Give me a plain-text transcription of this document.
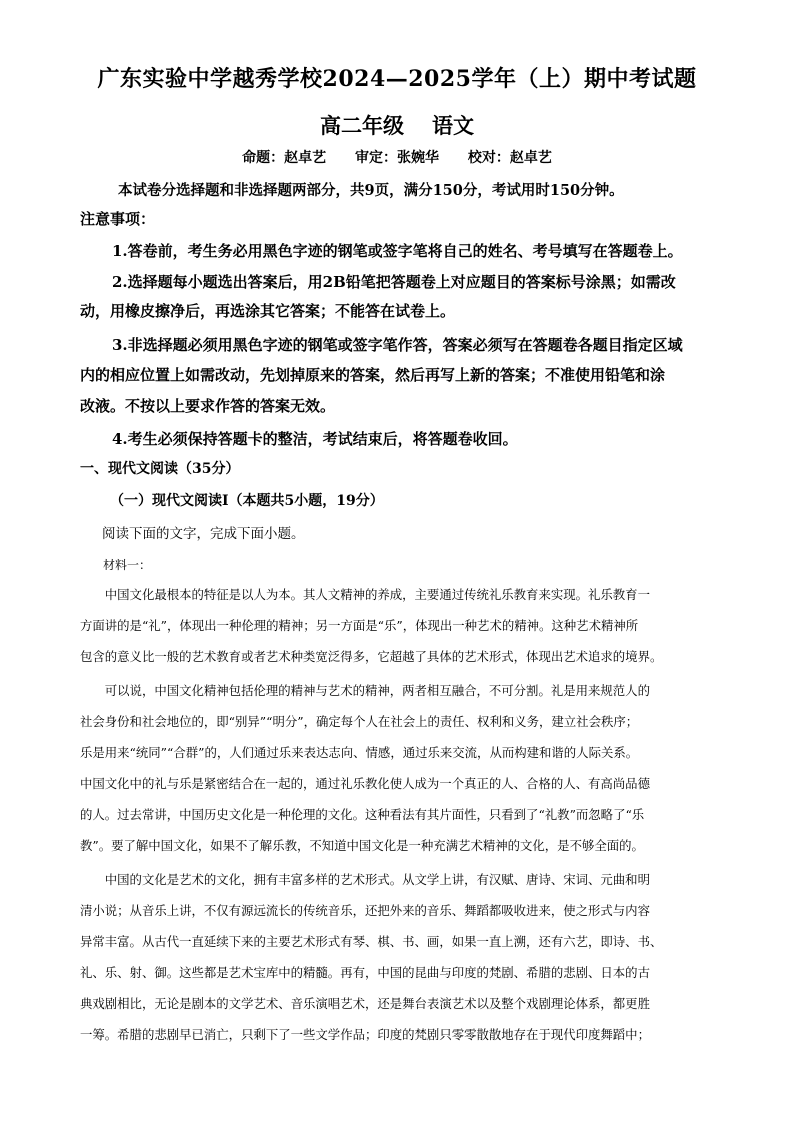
广东实验中学越秀学校2024—2025学年（上）期中考试题
高二年级 语文
命题：赵卓艺 审定：张婉华 校对：赵卓艺
本试卷分选择题和非选择题两部分，共9页，满分150分，考试用时150分钟。
注意事项：
1.答卷前，考生务必用黑色字迹的钢笔或签字笔将自己的姓名、考号填写在答题卷上。
2.选择题每小题选出答案后，用2B铅笔把答题卷上对应题目的答案标号涂黑；如需改
动，用橡皮擦净后，再选涂其它答案；不能答在试卷上。
3.非选择题必须用黑色字迹的钢笔或签字笔作答，答案必须写在答题卷各题目指定区域
内的相应位置上如需改动，先划掉原来的答案，然后再写上新的答案；不准使用铅笔和涂
改液。不按以上要求作答的答案无效。
4.考生必须保持答题卡的整洁，考试结束后，将答题卷收回。
一、现代文阅读（35分）
（一）现代文阅读Ⅰ（本题共5小题，19分）
阅读下面的文字，完成下面小题。
材料一：
　　中国文化最根本的特征是以人为本。其人文精神的养成，主要通过传统礼乐教育来实现。礼乐教育一
方面讲的是“礼”，体现出一种伦理的精神；另一方面是“乐”，体现出一种艺术的精神。这种艺术精神所
包含的意义比一般的艺术教育或者艺术种类宽泛得多，它超越了具体的艺术形式，体现出艺术追求的境界。
　　可以说，中国文化精神包括伦理的精神与艺术的精神，两者相互融合，不可分割。礼是用来规范人的
社会身份和社会地位的，即“别异”“明分”，确定每个人在社会上的责任、权利和义务，建立社会秩序；
乐是用来“统同”“合群”的，人们通过乐来表达志向、情感，通过乐来交流，从而构建和谐的人际关系。
中国文化中的礼与乐是紧密结合在一起的，通过礼乐教化使人成为一个真正的人、合格的人、有高尚品德
的人。过去常讲，中国历史文化是一种伦理的文化。这种看法有其片面性，只看到了“礼教”而忽略了“乐
教”。要了解中国文化，如果不了解乐教，不知道中国文化是一种充满艺术精神的文化，是不够全面的。
　　中国的文化是艺术的文化，拥有丰富多样的艺术形式。从文学上讲，有汉赋、唐诗、宋词、元曲和明
清小说；从音乐上讲，不仅有源远流长的传统音乐，还把外来的音乐、舞蹈都吸收进来，使之形式与内容
异常丰富。从古代一直延续下来的主要艺术形式有琴、棋、书、画，如果一直上溯，还有六艺，即诗、书、
礼、乐、射、御。这些都是艺术宝库中的精髓。再有，中国的昆曲与印度的梵剧、希腊的悲剧、日本的古
典戏剧相比，无论是剧本的文学艺术、音乐演唱艺术，还是舞台表演艺术以及整个戏剧理论体系，都更胜
一筹。希腊的悲剧早已消亡，只剩下了一些文学作品；印度的梵剧只零零散散地存在于现代印度舞蹈中；
